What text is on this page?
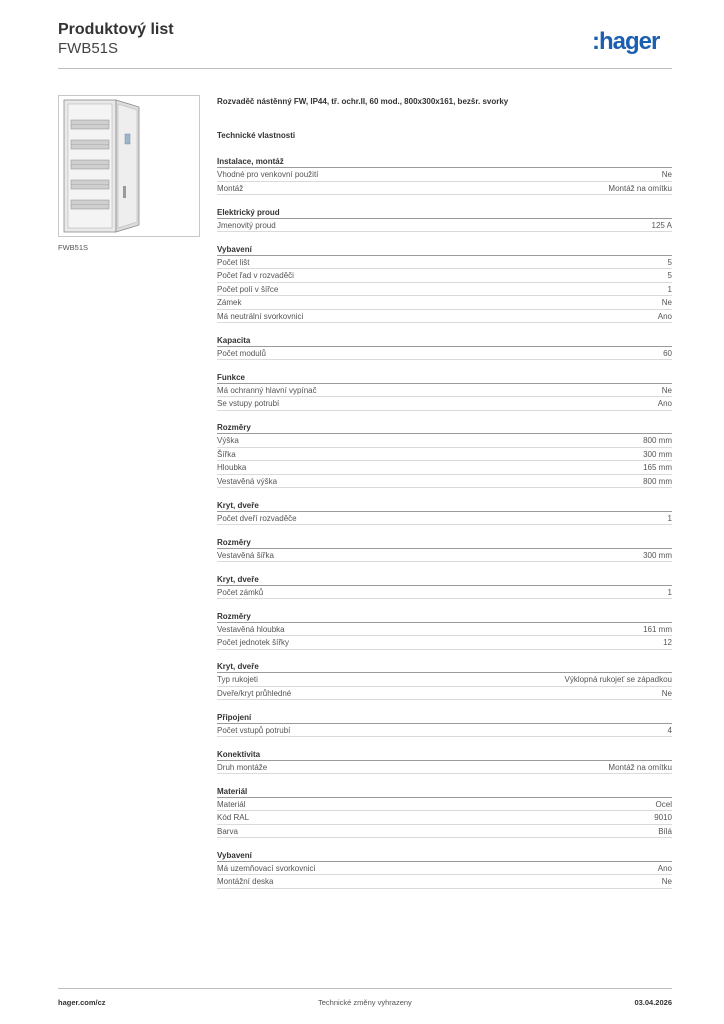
Produktový list
FWB51S	:hager
FWB51S
Rozvaděč nástěnný FW, IP44, tř. ochr.II, 60 mod., 800x300x161, bezšr. svorky
Technické vlastnosti
Instalace, montáž
Vhodné pro venkovní použití	Ne
Montáž	Montáž na omítku
Elektrický proud
Jmenovitý proud	125 A
Vybavení
Počet lišt	5
Počet řad v rozvaděči	5
Počet polí v šířce	1
Zámek	Ne
Má neutrální svorkovnici	Ano
Kapacita
Počet modulů	60
Funkce
Má ochranný hlavní vypínač	Ne
Se vstupy potrubí	Ano
Rozměry
Výška	800 mm
Šířka	300 mm
Hloubka	165 mm
Vestavěná výška	800 mm
Kryt, dveře
Počet dveří rozvaděče	1
Rozměry
Vestavěná šířka	300 mm
Kryt, dveře
Počet zámků	1
Rozměry
Vestavěná hloubka	161 mm
Počet jednotek šířky	12
Kryt, dveře
Typ rukojeti	Výklopná rukojeť se západkou
Dveře/kryt průhledné	Ne
Připojení
Počet vstupů potrubí	4
Konektivita
Druh montáže	Montáž na omítku
Materiál
Materiál	Ocel
Kód RAL	9010
Barva	Bílá
Vybavení
Má uzemňovací svorkovnici	Ano
Montážní deska	Ne
hager.com/cz	Technické změny vyhrazeny	03.04.2026
